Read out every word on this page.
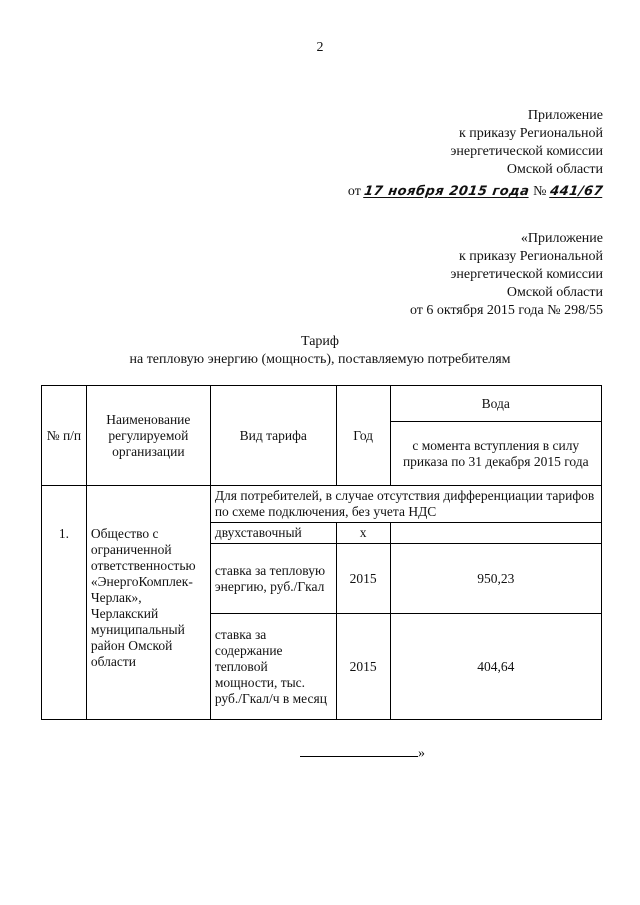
2
Приложение
к приказу Региональной
энергетической комиссии
Омской области
от 17 ноября 2015 года № 441/67
«Приложение
к приказу Региональной
энергетической комиссии
Омской области
от 6 октября 2015 года № 298/55
Тариф
на тепловую энергию (мощность), поставляемую потребителям
№ п/п	Наименование регулируемой организации	Вид тарифа	Год	Вода
				с момента вступления в силу приказа по 31 декабря 2015 года
1.	Общество с ограниченной ответственностью «ЭнергоКомплек-Черлак», Черлакский муниципальный район Омской области	Для потребителей, в случае отсутствия дифференциации тарифов по схеме подключения, без учета НДС		
		двухставочный	х	
		ставка за тепловую энергию, руб./Гкал	2015	950,23
		ставка за содержание тепловой мощности, тыс. руб./Гкал/ч в месяц	2015	404,64
»
